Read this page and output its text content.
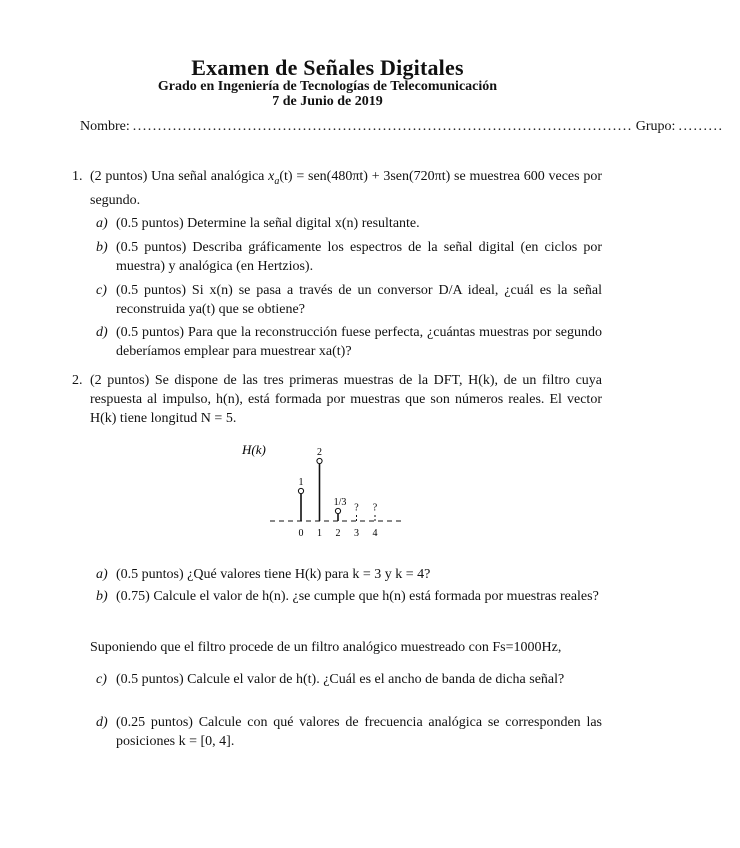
Examen de Señales Digitales
Grado en Ingeniería de Tecnologías de Telecomunicación
7 de Junio de 2019
Nombre: .................................................................................................... Grupo: .........
1. (2 puntos) Una señal analógica $x_a(t) = sen(480\pi t) + 3sen(720\pi t)$ se muestrea 600 veces por segundo.
a) (0.5 puntos) Determine la señal digital x(n) resultante.
b) (0.5 puntos) Describa gráficamente los espectros de la señal digital (en ciclos por muestra) y analógica (en Hertzios).
c) (0.5 puntos) Si x(n) se pasa a través de un conversor D/A ideal, ¿cuál es la señal reconstruida ya(t) que se obtiene?
d) (0.5 puntos) Para que la reconstrucción fuese perfecta, ¿cuántas muestras por segundo deberíamos emplear para muestrear xa(t)?
2. (2 puntos) Se dispone de las tres primeras muestras de la DFT, H(k), de un filtro cuya respuesta al impulso, h(n), está formada por muestras que son números reales. El vector H(k) tiene longitud N = 5.
H(k)
0
1
1
2
2
1/3
3
?
4
?
a) (0.5 puntos) ¿Qué valores tiene H(k) para k = 3 y k = 4?
b) (0.75) Calcule el valor de h(n). ¿se cumple que h(n) está formada por muestras reales?
Suponiendo que el filtro procede de un filtro analógico muestreado con Fs=1000Hz,
c) (0.5 puntos) Calcule el valor de h(t). ¿Cuál es el ancho de banda de dicha señal?
d) (0.25 puntos) Calcule con qué valores de frecuencia analógica se corresponden las posiciones k = [0, 4].
